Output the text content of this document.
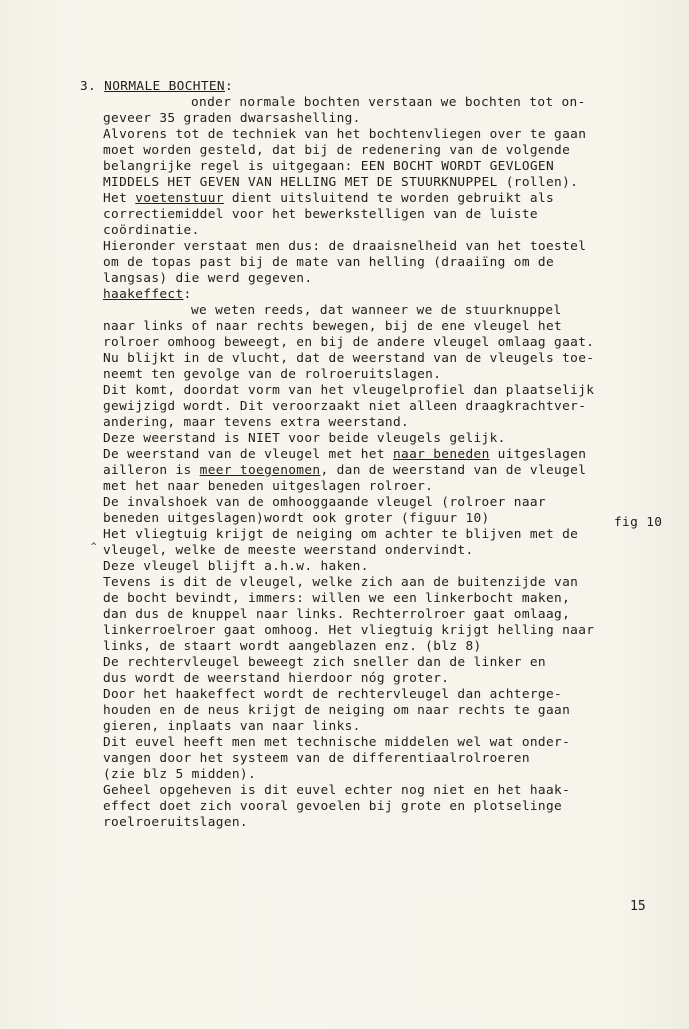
3. NORMALE BOCHTEN:
onder normale bochten verstaan we bochten tot on-
geveer 35 graden dwarsashelling.
Alvorens tot de techniek van het bochtenvliegen over te gaan
moet worden gesteld, dat bij de redenering van de volgende
belangrijke regel is uitgegaan: EEN BOCHT WORDT GEVLOGEN
MIDDELS HET GEVEN VAN HELLING MET DE STUURKNUPPEL (rollen).
Het voetenstuur dient uitsluitend te worden gebruikt als
correctiemiddel voor het bewerkstelligen van de luiste
coördinatie.
Hieronder verstaat men dus: de draaisnelheid van het toestel
om de topas past bij de mate van helling (draaiïng om de
langsas) die werd gegeven.
haakeffect:
we weten reeds, dat wanneer we de stuurknuppel
naar links of naar rechts bewegen, bij de ene vleugel het
rolroer omhoog beweegt, en bij de andere vleugel omlaag gaat.
Nu blijkt in de vlucht, dat de weerstand van de vleugels toe-
neemt ten gevolge van de rolroeruitslagen.
Dit komt, doordat vorm van het vleugelprofiel dan plaatselijk
gewijzigd wordt. Dit veroorzaakt niet alleen draagkrachtver-
andering, maar tevens extra weerstand.
Deze weerstand is NIET voor beide vleugels gelijk.
De weerstand van de vleugel met het naar beneden uitgeslagen
ailleron is meer toegenomen, dan de weerstand van de vleugel
met het naar beneden uitgeslagen rolroer.
De invalshoek van de omhooggaande vleugel (rolroer naar
beneden uitgeslagen)wordt ook groter (figuur 10)
Het vliegtuig krijgt de neiging om achter te blijven met de
vleugel, welke de meeste weerstand ondervindt.
Deze vleugel blijft a.h.w. haken.
Tevens is dit de vleugel, welke zich aan de buitenzijde van
de bocht bevindt, immers: willen we een linkerbocht maken,
dan dus de knuppel naar links. Rechterrolroer gaat omlaag,
linkerroelroer gaat omhoog. Het vliegtuig krijgt helling naar
links, de staart wordt aangeblazen enz. (blz 8)
De rechtervleugel beweegt zich sneller dan de linker en
dus wordt de weerstand hierdoor nóg groter.
Door het haakeffect wordt de rechtervleugel dan achterge-
houden en de neus krijgt de neiging om naar rechts te gaan
gieren, inplaats van naar links.
Dit euvel heeft men met technische middelen wel wat onder-
vangen door het systeem van de differentiaalrolroeren
(zie blz 5 midden).
Geheel opgeheven is dit euvel echter nog niet en het haak-
effect doet zich vooral gevoelen bij grote en plotselinge
roelroeruitslagen.
fig 10
^
15
